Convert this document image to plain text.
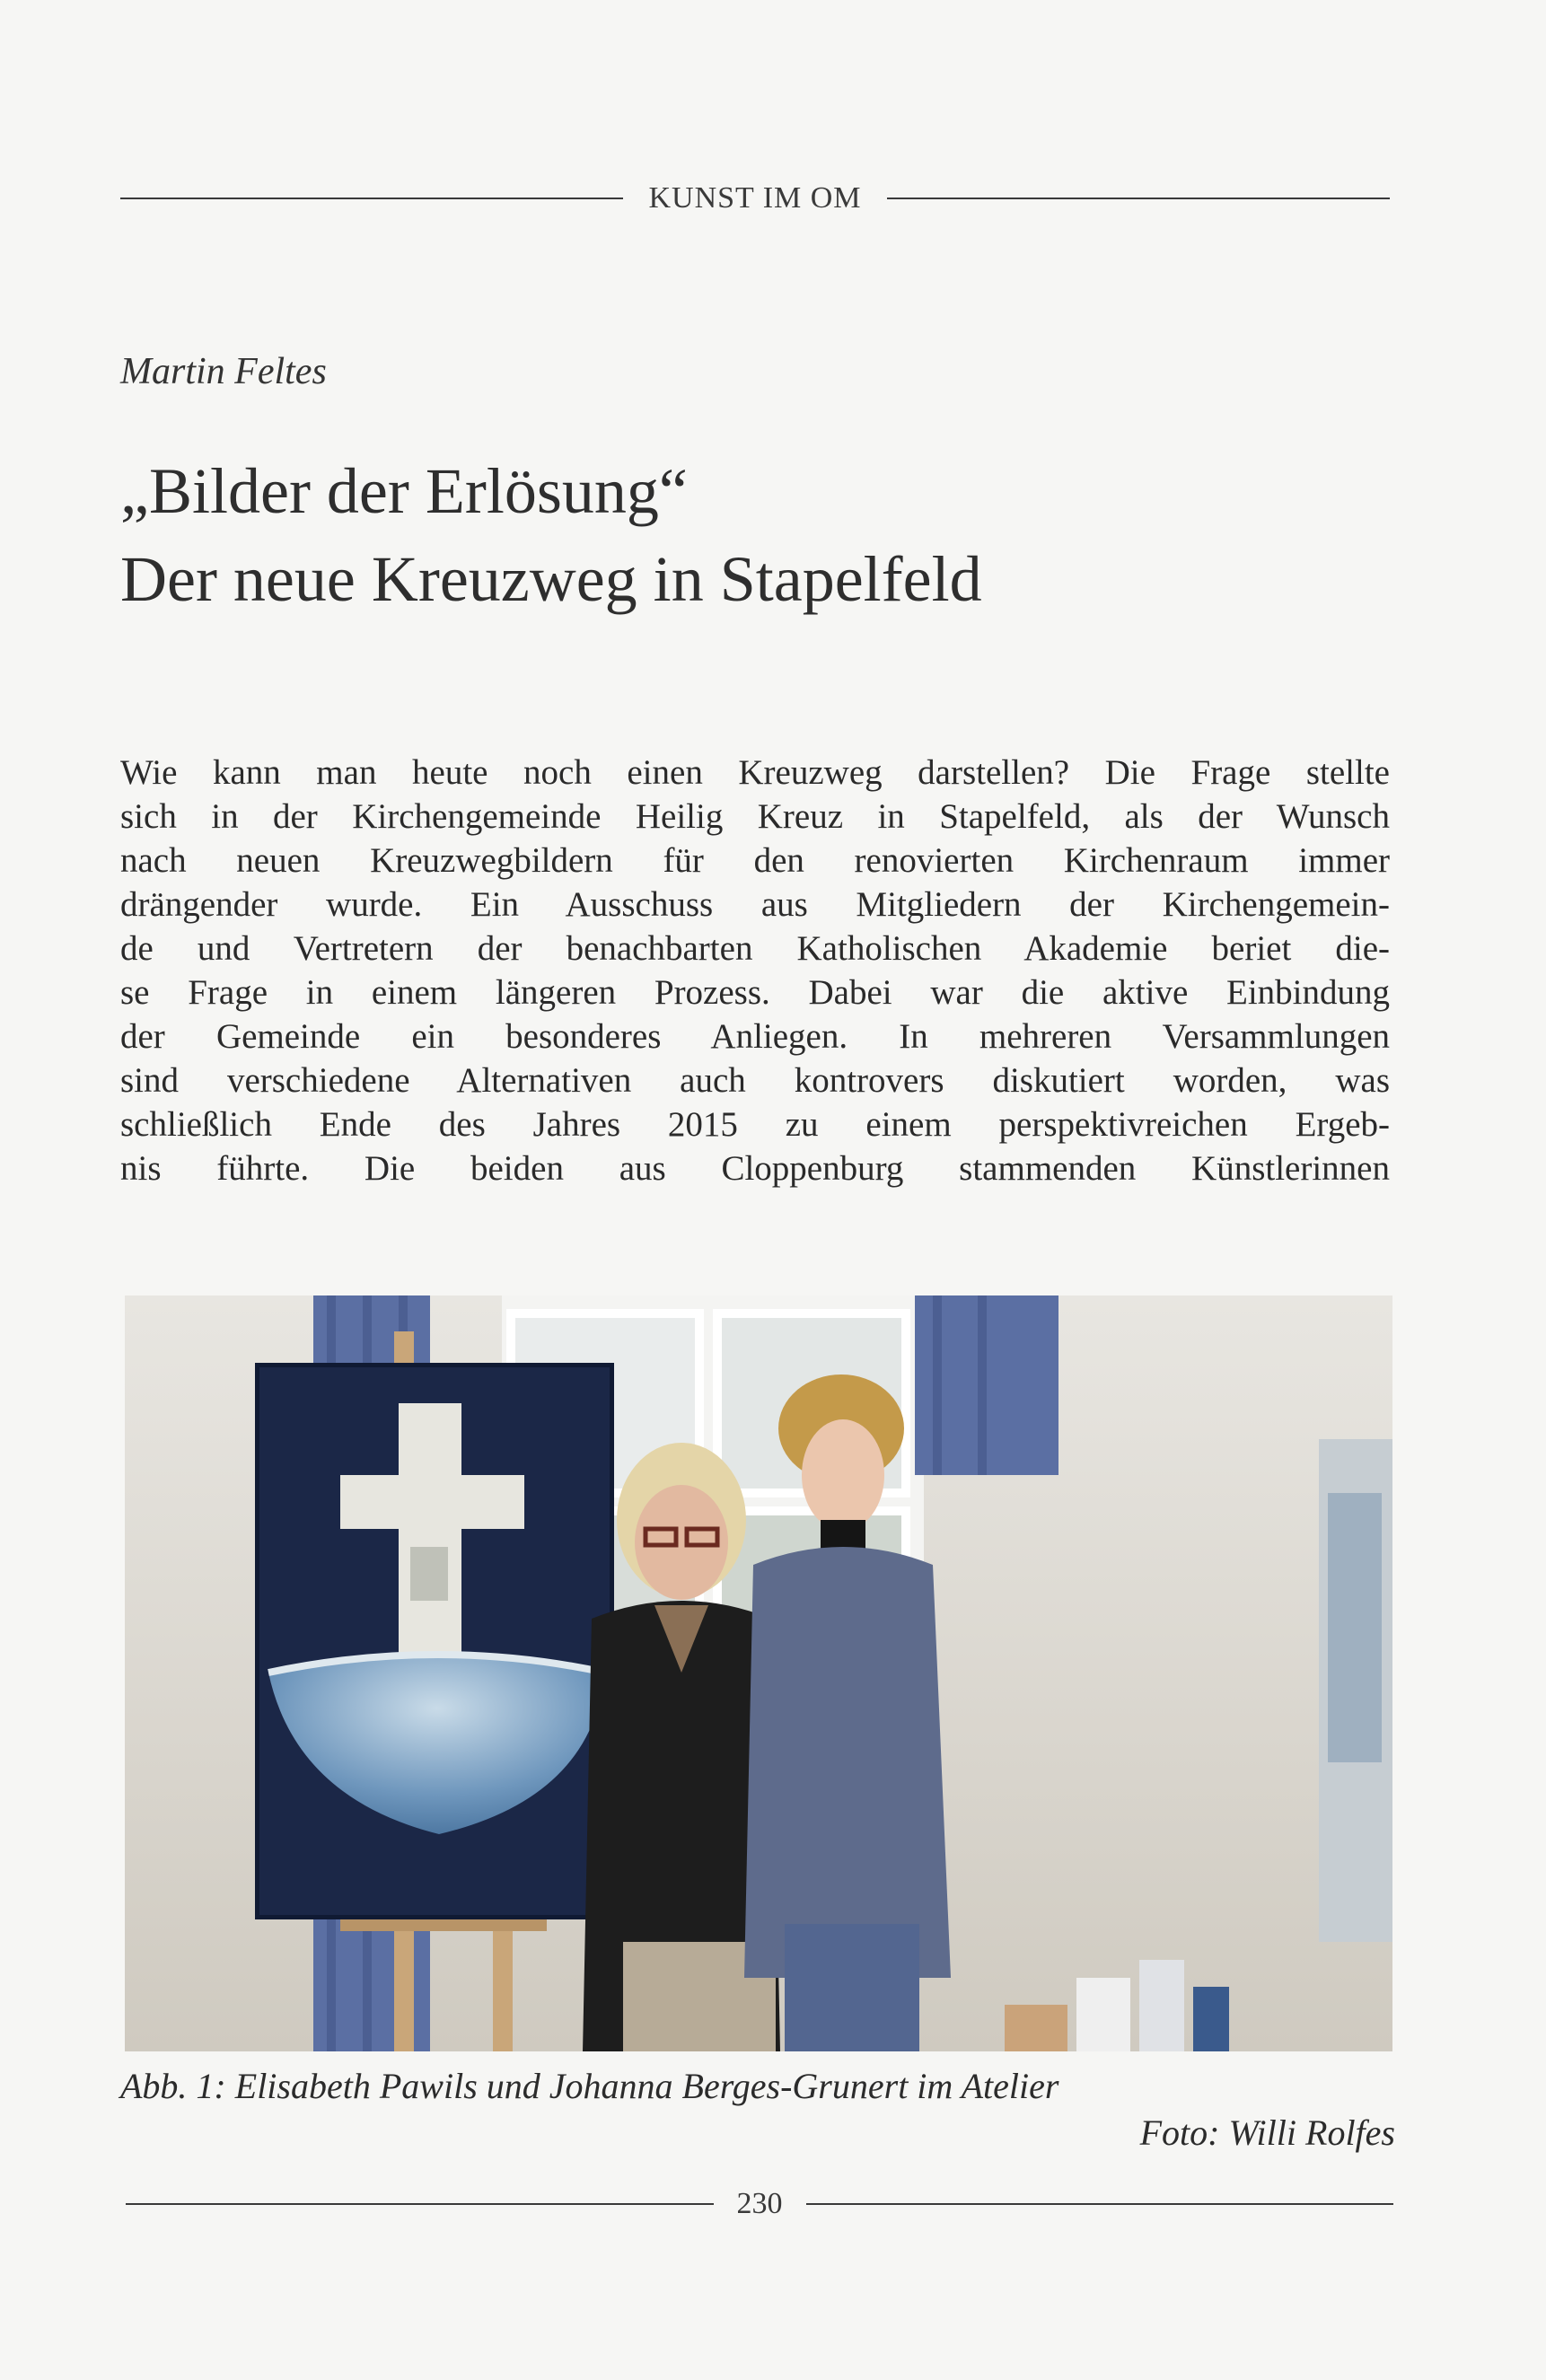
KUNST IM OM
Martin Feltes
„Bilder der Erlösung“
Der neue Kreuzweg in Stapelfeld
Wie kann man heute noch einen Kreuzweg darstellen? Die Frage stellte
sich in der Kirchengemeinde Heilig Kreuz in Stapelfeld, als der Wunsch
nach neuen Kreuzwegbildern für den renovierten Kirchenraum immer
drängender wurde. Ein Ausschuss aus Mitgliedern der Kirchengemein-
de und Vertretern der benachbarten Katholischen Akademie beriet die-
se Frage in einem längeren Prozess. Dabei war die aktive Einbindung
der Gemeinde ein besonderes Anliegen. In mehreren Versammlungen
sind verschiedene Alternativen auch kontrovers diskutiert worden, was
schließlich Ende des Jahres 2015 zu einem perspektivreichen Ergeb-
nis führte. Die beiden aus Cloppenburg stammenden Künstlerinnen
Abb. 1: Elisabeth Pawils und Johanna Berges-Grunert im Atelier
Foto: Willi Rolfes
230
